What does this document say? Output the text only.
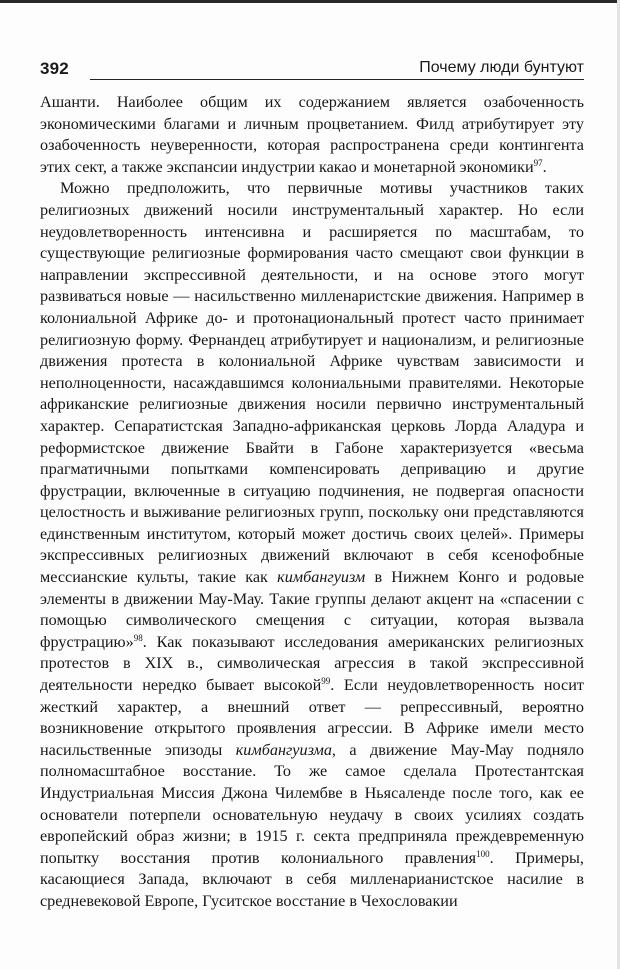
392	Почему люди бунтуют

Ашанти. Наиболее общим их содержанием является озабоченность экономическими благами и личным процветанием. Филд атрибутирует эту озабоченность неуверенности, которая распространена среди контингента этих сект, а также экспансии индустрии какао и монетарной экономики$^{97}$.

Можно предположить, что первичные мотивы участников таких религиозных движений носили инструментальный характер. Но если неудовлетворенность интенсивна и расширяется по масштабам, то существующие религиозные формирования часто смещают свои функции в направлении экспрессивной деятельности, и на основе этого могут развиваться новые — насильственно милленаристские движения. Например в колониальной Африке до- и протонациональный протест часто принимает религиозную форму. Фернандец атрибутирует и национализм, и религиозные движения протеста в колониальной Африке чувствам зависимости и неполноценности, насаждавшимся колониальными правителями. Некоторые африканские религиозные движения носили первично инструментальный характер. Сепаратистская Западно-африканская церковь Лорда Аладура и реформистское движение Бвайти в Габоне характеризуется «весьма прагматичными попытками компенсировать депривацию и другие фрустрации, включенные в ситуацию подчинения, не подвергая опасности целостность и выживание религиозных групп, поскольку они представляются единственным институтом, который может достичь своих целей». Примеры экспрессивных религиозных движений включают в себя ксенофобные мессианские культы, такие как кимбангуизм в Нижнем Конго и родовые элементы в движении Мау-Мау. Такие группы делают акцент на «спасении с помощью символического смещения с ситуации, которая вызвала фрустрацию»$^{98}$. Как показывают исследования американских религиозных протестов в XIX в., символическая агрессия в такой экспрессивной деятельности нередко бывает высокой$^{99}$. Если неудовлетворенность носит жесткий характер, а внешний ответ — репрессивный, вероятно возникновение открытого проявления агрессии. В Африке имели место насильственные эпизоды кимбангуизма, а движение Мау-Мау подняло полномасштабное восстание. То же самое сделала Протестантская Индустриальная Миссия Джона Чилембве в Ньясаленде после того, как ее основатели потерпели основательную неудачу в своих усилиях создать европейский образ жизни; в 1915 г. секта предприняла преждевременную попытку восстания против колониального правления$^{100}$. Примеры, касающиеся Запада, включают в себя милленарианистское насилие в средневековой Европе, Гуситское восстание в Чехословакии
